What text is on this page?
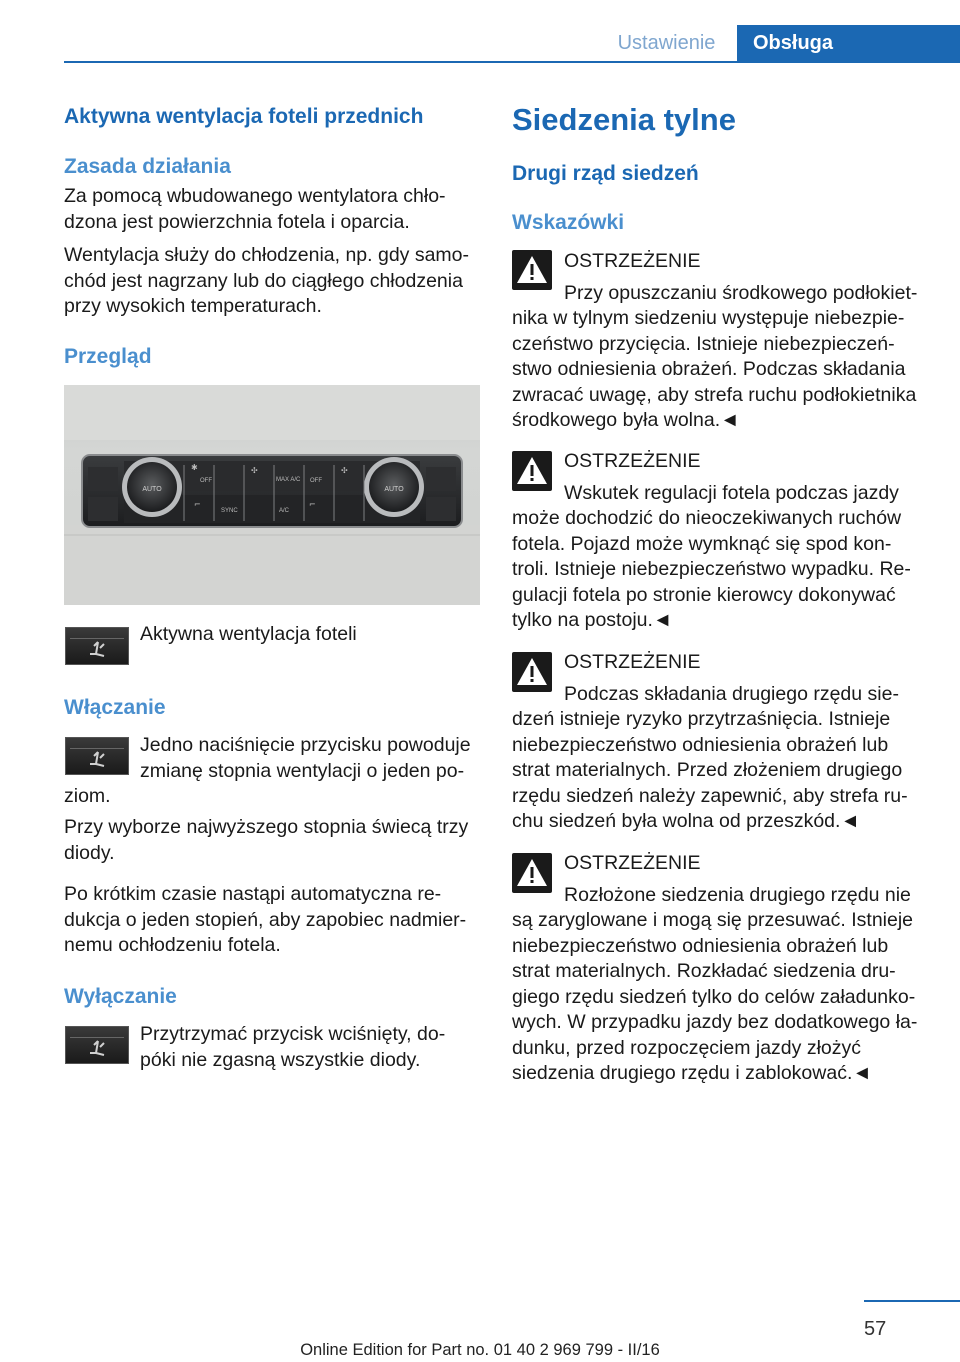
Ustawienie	Obsługa
Aktywna wentylacja foteli przednich
Zasada działania
Za pomocą wbudowanego wentylatora chło-
dzona jest powierzchnia fotela i oparcia.
Wentylacja służy do chłodzenia, np. gdy samo-
chód jest nagrzany lub do ciągłego chłodzenia
przy wysokich temperaturach.
Przegląd
AUTO	AUTO
OFF	MAX A/C OFF
SYNC	A/C
✱	✣	✣
⌐	⌐
Aktywna wentylacja foteli
Włączanie
Jedno naciśnięcie przycisku powoduje
zmianę stopnia wentylacji o jeden po-
ziom.
Przy wyborze najwyższego stopnia świecą trzy
diody.
Po krótkim czasie nastąpi automatyczna re-
dukcja o jeden stopień, aby zapobiec nadmier-
nemu ochłodzeniu fotela.
Wyłączanie
Przytrzymać przycisk wciśnięty, do-
póki nie zgasną wszystkie diody.
Siedzenia tylne
Drugi rząd siedzeń
Wskazówki
OSTRZEŻENIE
Przy opuszczaniu środkowego podłokiet-
nika w tylnym siedzeniu występuje niebezpie-
czeństwo przycięcia. Istnieje niebezpieczeń-
stwo odniesienia obrażeń. Podczas składania
zwracać uwagę, aby strefa ruchu podłokietnika
środkowego była wolna.◄
OSTRZEŻENIE
Wskutek regulacji fotela podczas jazdy
może dochodzić do nieoczekiwanych ruchów
fotela. Pojazd może wymknąć się spod kon-
troli. Istnieje niebezpieczeństwo wypadku. Re-
gulacji fotela po stronie kierowcy dokonywać
tylko na postoju.◄
OSTRZEŻENIE
Podczas składania drugiego rzędu sie-
dzeń istnieje ryzyko przytrzaśnięcia. Istnieje
niebezpieczeństwo odniesienia obrażeń lub
strat materialnych. Przed złożeniem drugiego
rzędu siedzeń należy zapewnić, aby strefa ru-
chu siedzeń była wolna od przeszkód.◄
OSTRZEŻENIE
Rozłożone siedzenia drugiego rzędu nie
są zaryglowane i mogą się przesuwać. Istnieje
niebezpieczeństwo odniesienia obrażeń lub
strat materialnych. Rozkładać siedzenia dru-
giego rzędu siedzeń tylko do celów załadunko-
wych. W przypadku jazdy bez dodatkowego ła-
dunku, przed rozpoczęciem jazdy złożyć
siedzenia drugiego rzędu i zablokować.◄
57
Online Edition for Part no. 01 40 2 969 799 - II/16
